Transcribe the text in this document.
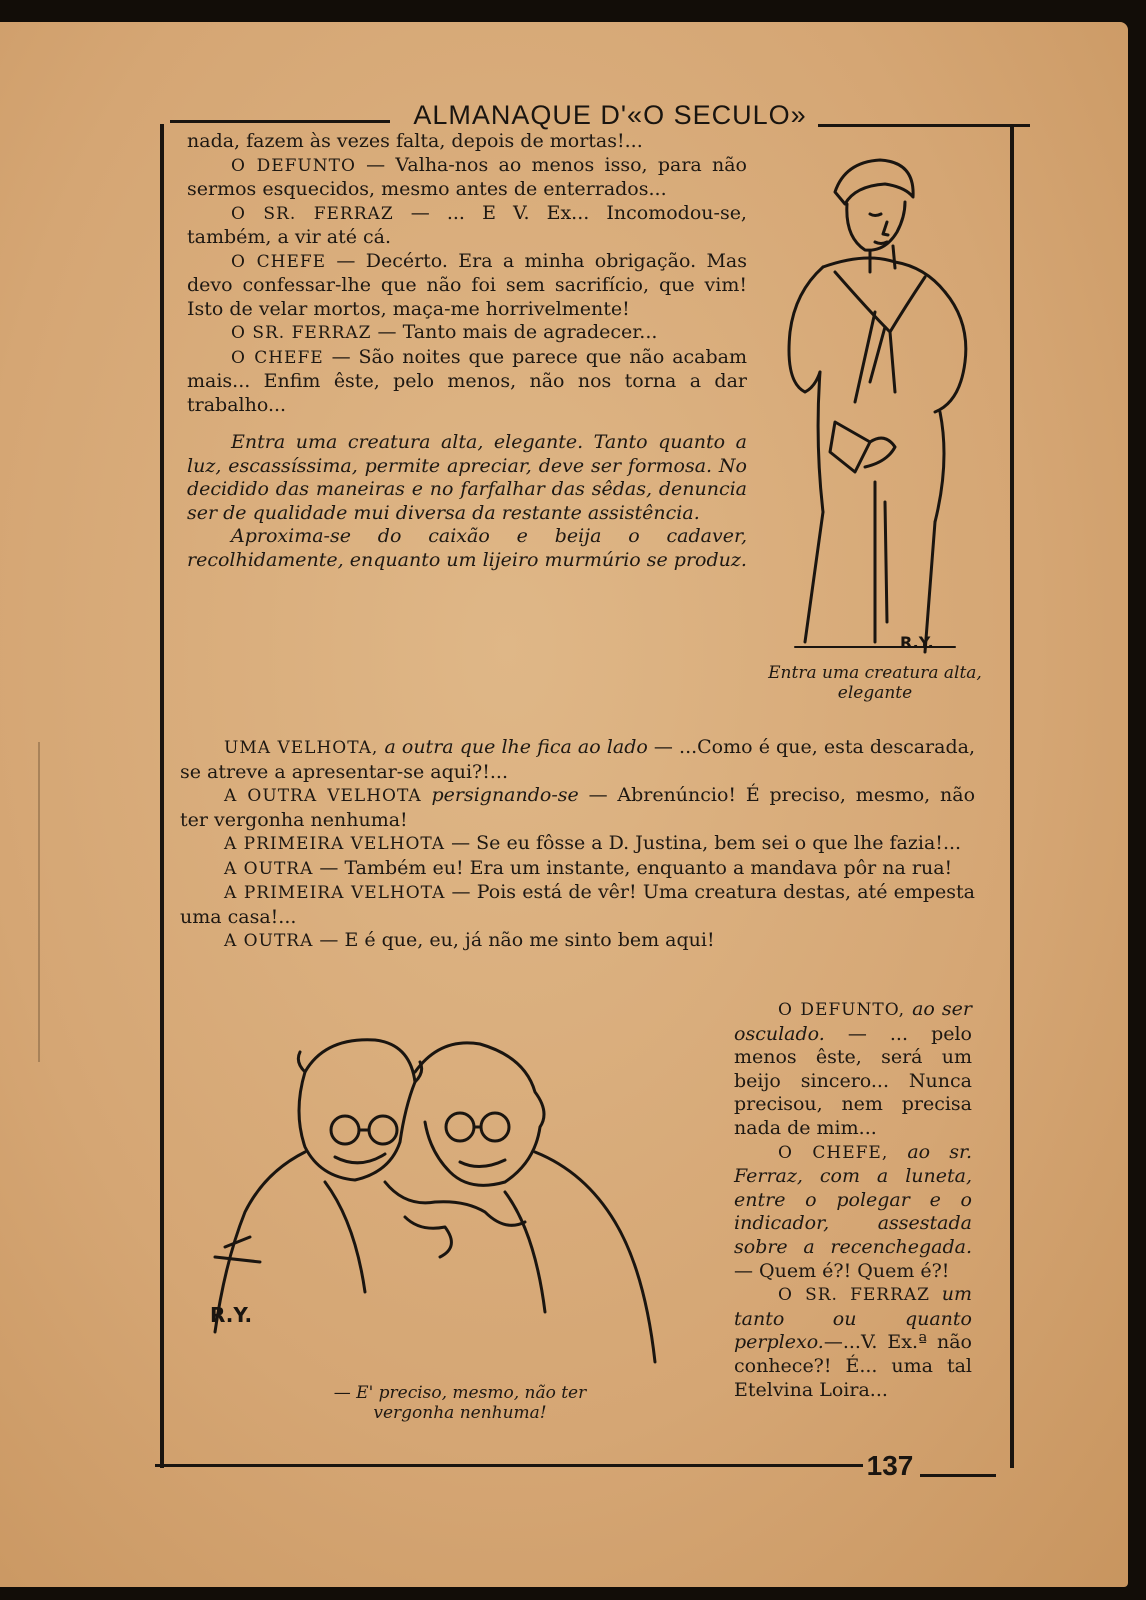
ALMANAQUE D'«O SECULO»

nada, fazem às vezes falta, depois de mortas!...

O DEFUNTO — Valha-nos ao menos isso, para não sermos esquecidos, mesmo antes de enterrados...

O SR. FERRAZ — ... E V. Ex... Incomodou-se, também, a vir até cá.

O CHEFE — Decérto. Era a minha obrigação. Mas devo confessar-lhe que não foi sem sacrifício, que vim! Isto de velar mortos, maça-me horrivelmente!

O SR. FERRAZ — Tanto mais de agradecer...

O CHEFE — São noites que parece que não acabam mais... Enfim êste, pelo menos, não nos torna a dar trabalho...

Entra uma creatura alta, elegante. Tanto quanto a luz, escassíssima, permite apreciar, deve ser formosa. No decidido das maneiras e no farfalhar das sêdas, denuncia ser de qualidade mui diversa da restante assistência.

Aproxima-se do caixão e beija o cadaver, recolhidamente, enquanto um lijeiro murmúrio se produz.

R.Y.
Entra uma creatura alta, elegante

UMA VELHOTA, a outra que lhe fica ao lado — ...Como é que, esta descarada, se atreve a apresentar-se aqui?!...

A OUTRA VELHOTA persignando-se — Abrenúncio! É preciso, mesmo, não ter vergonha nenhuma!

A PRIMEIRA VELHOTA — Se eu fôsse a D. Justina, bem sei o que lhe fazia!...

A OUTRA — Também eu! Era um instante, enquanto a mandava pôr na rua!

A PRIMEIRA VELHOTA — Pois está de vêr! Uma creatura destas, até empesta uma casa!...

A OUTRA — E é que, eu, já não me sinto bem aqui!

R.Y.
— E' preciso, mesmo, não ter vergonha nenhuma!

O DEFUNTO, ao ser osculado. — ... pelo menos êste, será um beijo sincero... Nunca precisou, nem precisa nada de mim...

O CHEFE, ao sr. Ferraz, com a luneta, entre o polegar e o indicador, assestada sobre a recenchegada. — Quem é?! Quem é?!

O SR. FERRAZ um tanto ou quanto perplexo.—...V. Ex.ª não conhece?! É... uma tal Etelvina Loira...

137
